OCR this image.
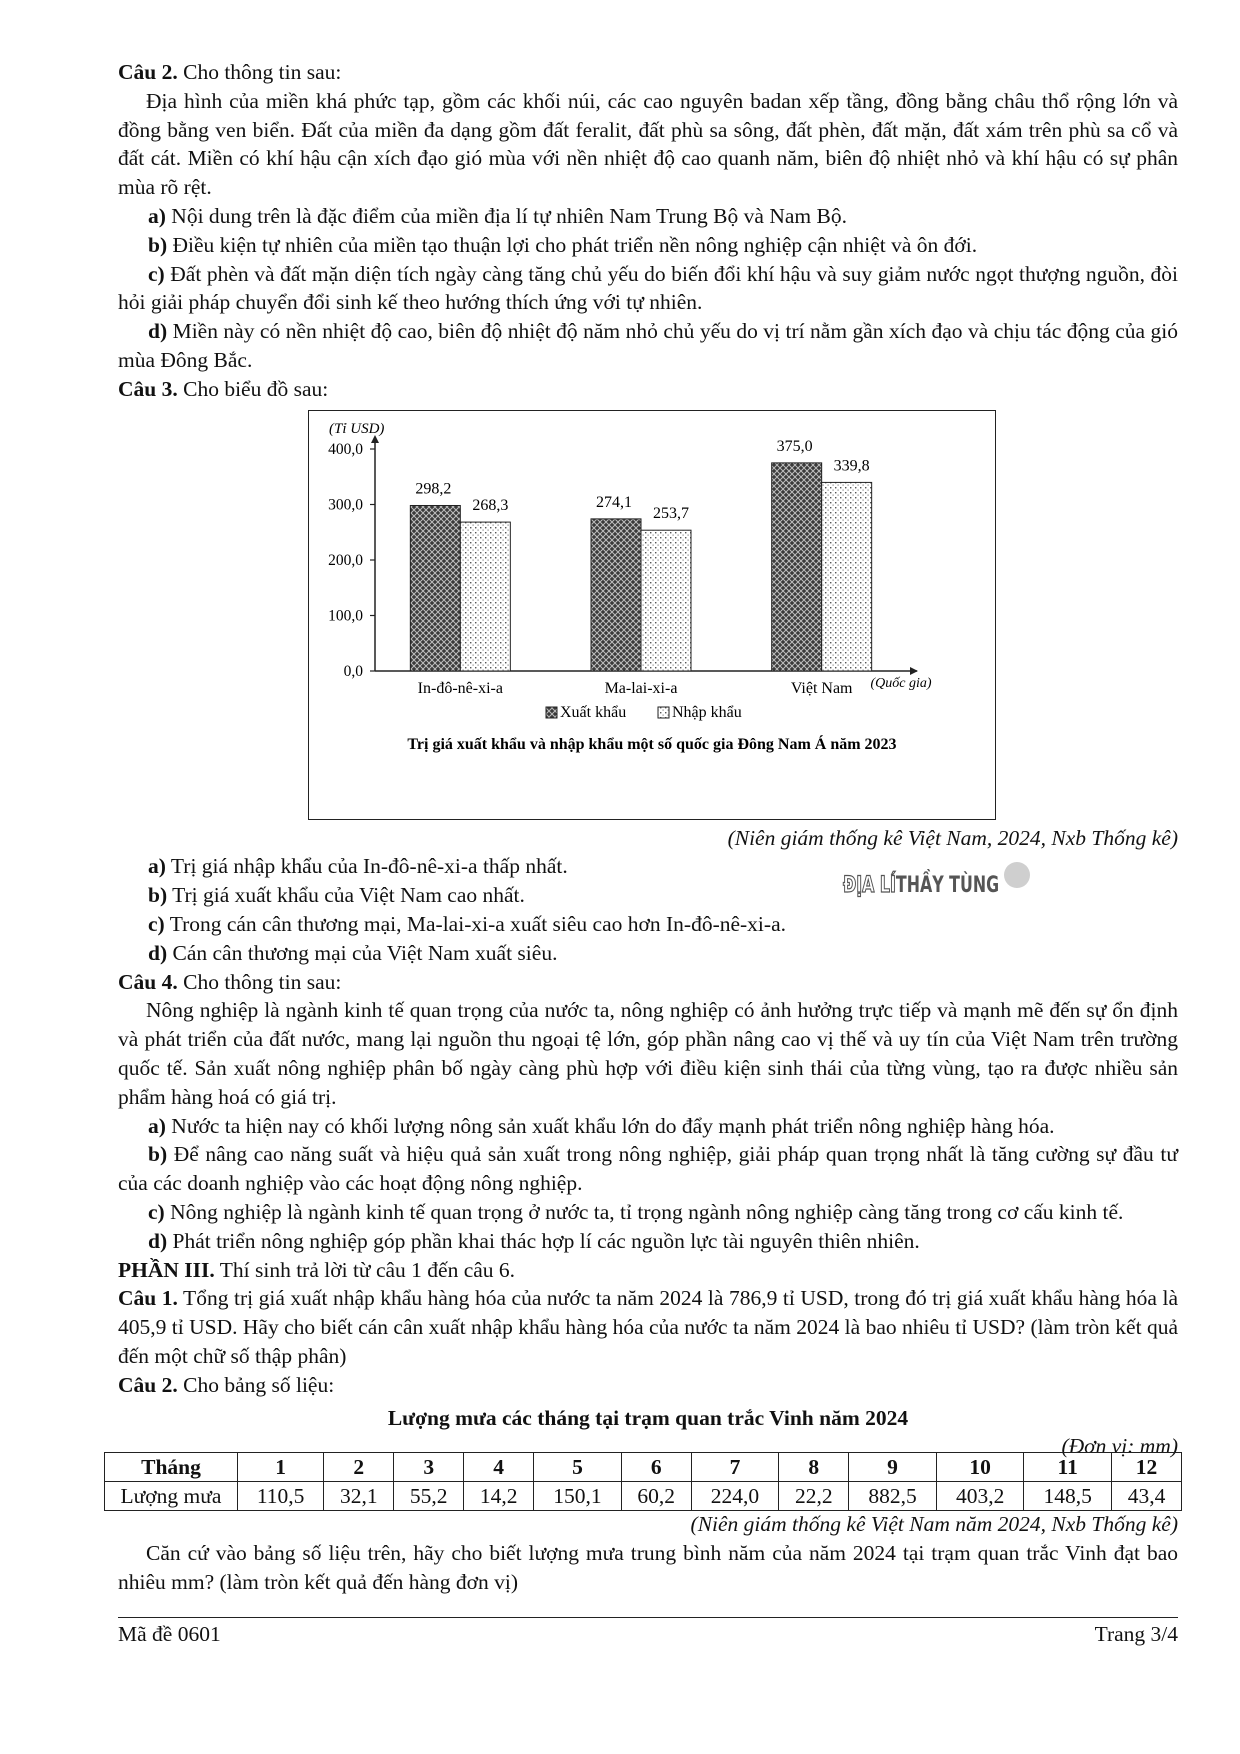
Câu 2. Cho thông tin sau:

Địa hình của miền khá phức tạp, gồm các khối núi, các cao nguyên badan xếp tầng, đồng bằng châu thổ rộng lớn và đồng bằng ven biển. Đất của miền đa dạng gồm đất feralit, đất phù sa sông, đất phèn, đất mặn, đất xám trên phù sa cổ và đất cát. Miền có khí hậu cận xích đạo gió mùa với nền nhiệt độ cao quanh năm, biên độ nhiệt nhỏ và khí hậu có sự phân mùa rõ rệt.

a) Nội dung trên là đặc điểm của miền địa lí tự nhiên Nam Trung Bộ và Nam Bộ.

b) Điều kiện tự nhiên của miền tạo thuận lợi cho phát triển nền nông nghiệp cận nhiệt và ôn đới.

c) Đất phèn và đất mặn diện tích ngày càng tăng chủ yếu do biến đổi khí hậu và suy giảm nước ngọt thượng nguồn, đòi hỏi giải pháp chuyển đổi sinh kế theo hướng thích ứng với tự nhiên.

d) Miền này có nền nhiệt độ cao, biên độ nhiệt độ năm nhỏ chủ yếu do vị trí nằm gần xích đạo và chịu tác động của gió mùa Đông Bắc.

Câu 3. Cho biểu đồ sau:

0,0
100,0
200,0
300,0
400,0
(Tỉ USD)
(Quốc gia)
298,2
268,3
In-đô-nê-xi-a
274,1
253,7
Ma-lai-xi-a
375,0
339,8
Việt Nam
Xuất khẩu	Nhập khẩu
Trị giá xuất khẩu và nhập khẩu một số quốc gia Đông Nam Á năm 2023

(Niên giám thống kê Việt Nam, 2024, Nxb Thống kê)

a) Trị giá nhập khẩu của In-đô-nê-xi-a thấp nhất.

b) Trị giá xuất khẩu của Việt Nam cao nhất.

c) Trong cán cân thương mại, Ma-lai-xi-a xuất siêu cao hơn In-đô-nê-xi-a.

d) Cán cân thương mại của Việt Nam xuất siêu.

Câu 4. Cho thông tin sau:

Nông nghiệp là ngành kinh tế quan trọng của nước ta, nông nghiệp có ảnh hưởng trực tiếp và mạnh mẽ đến sự ổn định và phát triển của đất nước, mang lại nguồn thu ngoại tệ lớn, góp phần nâng cao vị thế và uy tín của Việt Nam trên trường quốc tế. Sản xuất nông nghiệp phân bố ngày càng phù hợp với điều kiện sinh thái của từng vùng, tạo ra được nhiều sản phẩm hàng hoá có giá trị.

a) Nước ta hiện nay có khối lượng nông sản xuất khẩu lớn do đẩy mạnh phát triển nông nghiệp hàng hóa.

b) Để nâng cao năng suất và hiệu quả sản xuất trong nông nghiệp, giải pháp quan trọng nhất là tăng cường sự đầu tư của các doanh nghiệp vào các hoạt động nông nghiệp.

c) Nông nghiệp là ngành kinh tế quan trọng ở nước ta, tỉ trọng ngành nông nghiệp càng tăng trong cơ cấu kinh tế.

d) Phát triển nông nghiệp góp phần khai thác hợp lí các nguồn lực tài nguyên thiên nhiên.

PHẦN III. Thí sinh trả lời từ câu 1 đến câu 6.

Câu 1. Tổng trị giá xuất nhập khẩu hàng hóa của nước ta năm 2024 là 786,9 tỉ USD, trong đó trị giá xuất khẩu hàng hóa là 405,9 tỉ USD. Hãy cho biết cán cân xuất nhập khẩu hàng hóa của nước ta năm 2024 là bao nhiêu tỉ USD? (làm tròn kết quả đến một chữ số thập phân)

Câu 2. Cho bảng số liệu:

Lượng mưa các tháng tại trạm quan trắc Vinh năm 2024

(Đơn vị: mm)

ĐỊA LÍTHẦY TÙNG
Tháng	1	2	3	4	5	6	7	8	9	10	11	12
Lượng mưa	110,5	32,1	55,2	14,2	150,1	60,2	224,0	22,2	882,5	403,2	148,5	43,4

(Niên giám thống kê Việt Nam năm 2024, Nxb Thống kê)

Căn cứ vào bảng số liệu trên, hãy cho biết lượng mưa trung bình năm của năm 2024 tại trạm quan trắc Vinh đạt bao nhiêu mm? (làm tròn kết quả đến hàng đơn vị)

Mã đề 0601	Trang 3/4
